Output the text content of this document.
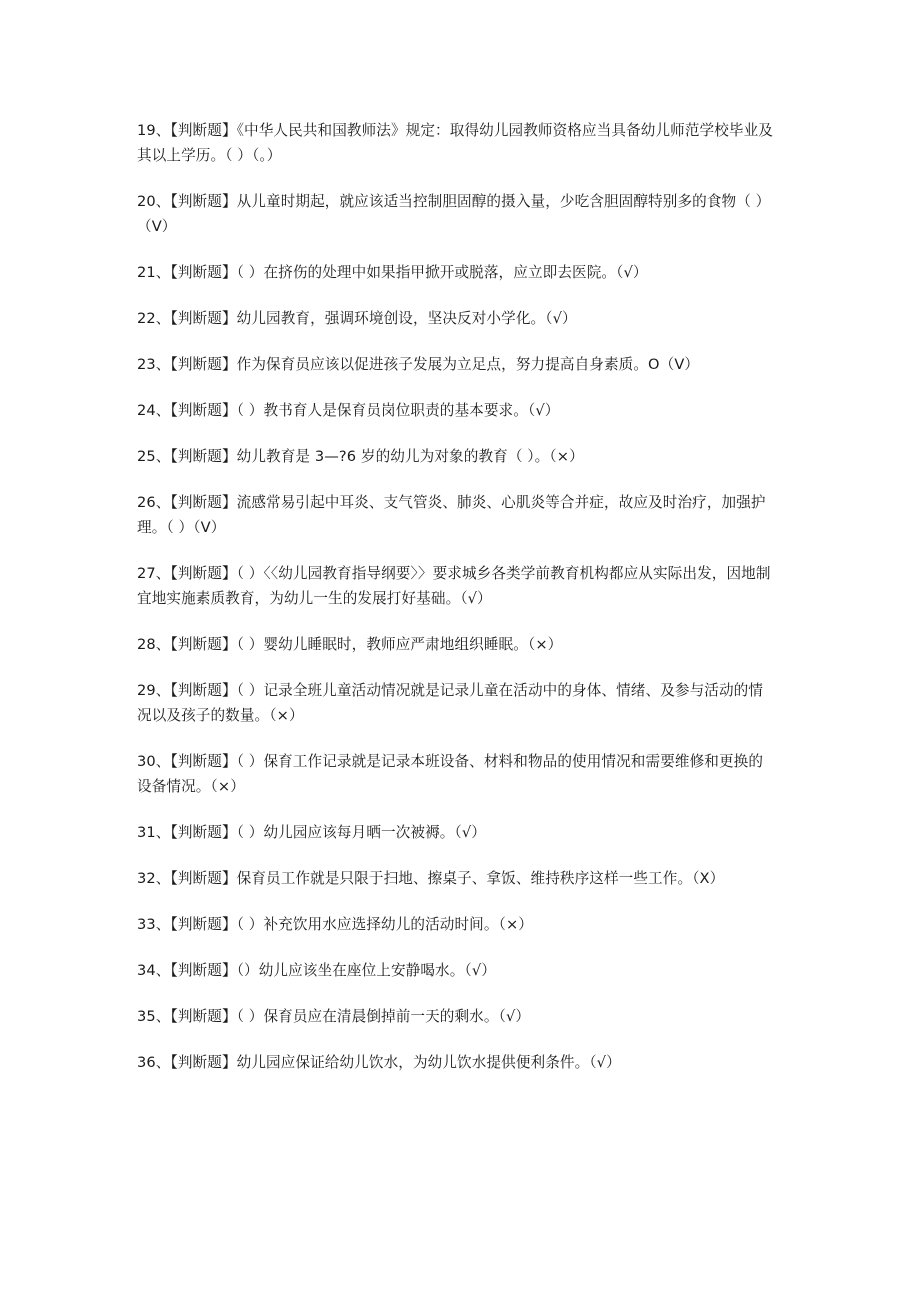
19、【判断题】《中华人民共和国教师法》规定：取得幼儿园教师资格应当具备幼儿师范学校毕业及其以上学历。（ ）（。）
20、【判断题】从儿童时期起，就应该适当控制胆固醇的摄入量，少吃含胆固醇特别多的食物（ ）（V）
21、【判断题】（ ）在挤伤的处理中如果指甲掀开或脱落，应立即去医院。（√）
22、【判断题】幼儿园教育，强调环境创设，坚决反对小学化。（√）
23、【判断题】作为保育员应该以促进孩子发展为立足点，努力提高自身素质。O（V）
24、【判断题】（ ）教书育人是保育员岗位职责的基本要求。（√）
25、【判断题】幼儿教育是 3—?6 岁的幼儿为对象的教育（ ）。（×）
26、【判断题】流感常易引起中耳炎、支气管炎、肺炎、心肌炎等合并症，故应及时治疗，加强护理。（ ）（V）
27、【判断题】（ ）〈〈幼儿园教育指导纲要〉〉要求城乡各类学前教育机构都应从实际出发，因地制宜地实施素质教育，为幼儿一生的发展打好基础。（√）
28、【判断题】（ ）婴幼儿睡眠时，教师应严肃地组织睡眠。（×）
29、【判断题】（ ）记录全班儿童活动情况就是记录儿童在活动中的身体、情绪、及参与活动的情况以及孩子的数量。（×）
30、【判断题】（ ）保育工作记录就是记录本班设备、材料和物品的使用情况和需要维修和更换的设备情况。（×）
31、【判断题】（ ）幼儿园应该每月晒一次被褥。（√）
32、【判断题】保育员工作就是只限于扫地、擦桌子、拿饭、维持秩序这样一些工作。（X）
33、【判断题】（ ）补充饮用水应选择幼儿的活动时间。（×）
34、【判断题】（）幼儿应该坐在座位上安静喝水。（√）
35、【判断题】（ ）保育员应在清晨倒掉前一天的剩水。（√）
36、【判断题】幼儿园应保证给幼儿饮水，为幼儿饮水提供便利条件。（√）
